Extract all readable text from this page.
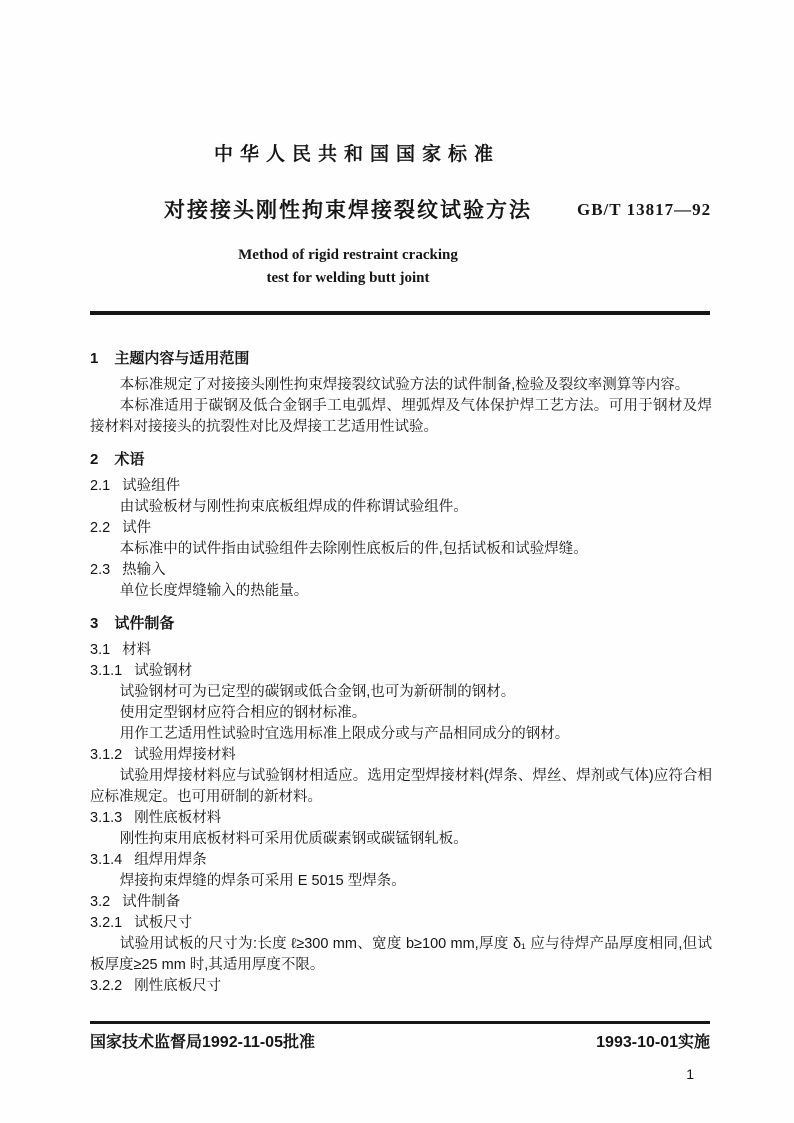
中华人民共和国国家标准
对接接头刚性拘束焊接裂纹试验方法	GB/T 13817—92
Method of rigid restraint cracking
test for welding butt joint
1 主题内容与适用范围
本标准规定了对接接头刚性拘束焊接裂纹试验方法的试件制备,检验及裂纹率测算等内容。
本标准适用于碳钢及低合金钢手工电弧焊、埋弧焊及气体保护焊工艺方法。可用于钢材及焊接材料对接接头的抗裂性对比及焊接工艺适用性试验。
2 术语
2.1 试验组件
由试验板材与刚性拘束底板组焊成的件称谓试验组件。
2.2 试件
本标准中的试件指由试验组件去除刚性底板后的件,包括试板和试验焊缝。
2.3 热输入
单位长度焊缝输入的热能量。
3 试件制备
3.1 材料
3.1.1 试验钢材
试验钢材可为已定型的碳钢或低合金钢,也可为新研制的钢材。
使用定型钢材应符合相应的钢材标准。
用作工艺适用性试验时宜选用标准上限成分或与产品相同成分的钢材。
3.1.2 试验用焊接材料
试验用焊接材料应与试验钢材相适应。选用定型焊接材料(焊条、焊丝、焊剂或气体)应符合相应标准规定。也可用研制的新材料。
3.1.3 刚性底板材料
刚性拘束用底板材料可采用优质碳素钢或碳锰钢轧板。
3.1.4 组焊用焊条
焊接拘束焊缝的焊条可采用 E 5015 型焊条。
3.2 试件制备
3.2.1 试板尺寸
试验用试板的尺寸为:长度 ℓ≥300 mm、宽度 b≥100 mm,厚度 δ₁ 应与待焊产品厚度相同,但试板厚度≥25 mm 时,其适用厚度不限。
3.2.2 刚性底板尺寸
国家技术监督局1992-11-05批准	1993-10-01实施
1
